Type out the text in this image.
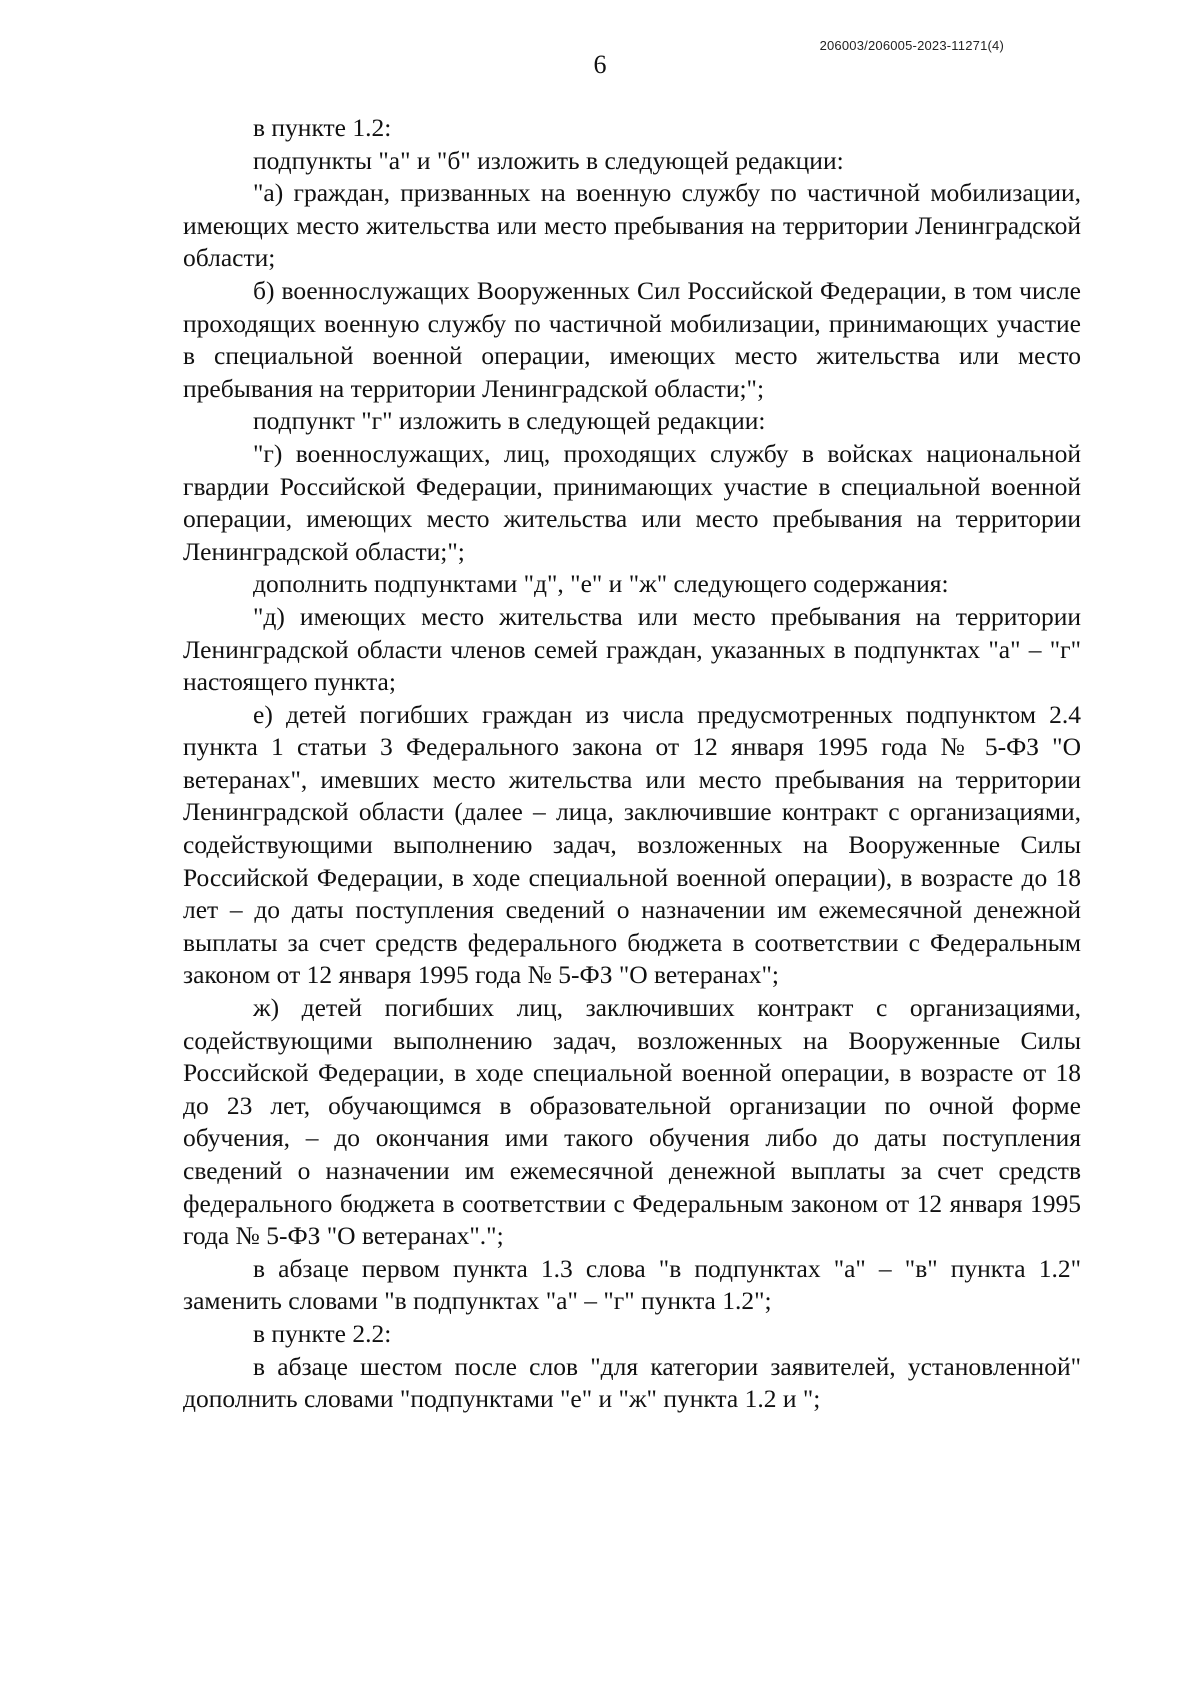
6
206003/206005-2023-11271(4)

в пункте 1.2:

подпункты "а" и "б" изложить в следующей редакции:

"а) граждан, призванных на военную службу по частичной мобилизации, имеющих место жительства или место пребывания на территории Ленинградской области;

б) военнослужащих Вооруженных Сил Российской Федерации, в том числе проходящих военную службу по частичной мобилизации, принимающих участие в специальной военной операции, имеющих место жительства или место пребывания на территории Ленинградской области;";

подпункт "г" изложить в следующей редакции:

"г) военнослужащих, лиц, проходящих службу в войсках национальной гвардии Российской Федерации, принимающих участие в специальной военной операции, имеющих место жительства или место пребывания на территории Ленинградской области;";

дополнить подпунктами "д", "е" и "ж" следующего содержания:

"д) имеющих место жительства или место пребывания на территории Ленинградской области членов семей граждан, указанных в подпунктах "а" – "г" настоящего пункта;

е) детей погибших граждан из числа предусмотренных подпунктом 2.4 пункта 1 статьи 3 Федерального закона от 12 января 1995 года № 5-ФЗ "О ветеранах", имевших место жительства или место пребывания на территории Ленинградской области (далее – лица, заключившие контракт с организациями, содействующими выполнению задач, возложенных на Вооруженные Силы Российской Федерации, в ходе специальной военной операции), в возрасте до 18 лет – до даты поступления сведений о назначении им ежемесячной денежной выплаты за счет средств федерального бюджета в соответствии с Федеральным законом от 12 января 1995 года № 5-ФЗ "О ветеранах";

ж) детей погибших лиц, заключивших контракт с организациями, содействующими выполнению задач, возложенных на Вооруженные Силы Российской Федерации, в ходе специальной военной операции, в возрасте от 18 до 23 лет, обучающимся в образовательной организации по очной форме обучения, – до окончания ими такого обучения либо до даты поступления сведений о назначении им ежемесячной денежной выплаты за счет средств федерального бюджета в соответствии с Федеральным законом от 12 января 1995 года № 5-ФЗ "О ветеранах".";

в абзаце первом пункта 1.3 слова "в подпунктах "а" – "в" пункта 1.2" заменить словами "в подпунктах "а" – "г" пункта 1.2";

в пункте 2.2:

в абзаце шестом после слов "для категории заявителей, установленной" дополнить словами "подпунктами "е" и "ж" пункта 1.2 и ";
